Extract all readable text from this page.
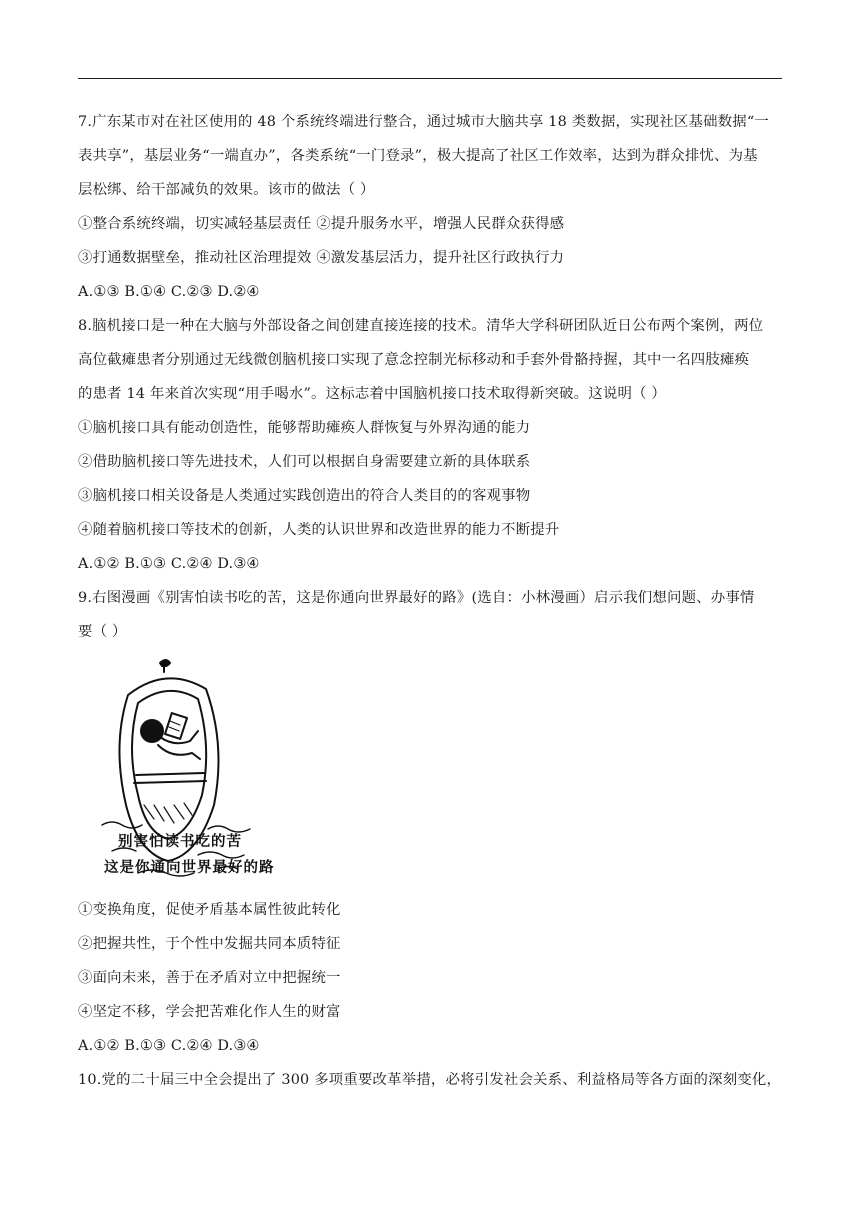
7.广东某市对在社区使用的 48 个系统终端进行整合，通过城市大脑共享 18 类数据，实现社区基础数据“一
表共享”，基层业务“一端直办”，各类系统“一门登录”，极大提高了社区工作效率，达到为群众排忧、为基
层松绑、给干部减负的效果。该市的做法（ ）
①整合系统终端，切实减轻基层责任 ②提升服务水平，增强人民群众获得感
③打通数据壁垒，推动社区治理提效 ④激发基层活力，提升社区行政执行力
A.①③ B.①④ C.②③ D.②④
8.脑机接口是一种在大脑与外部设备之间创建直接连接的技术。清华大学科研团队近日公布两个案例，两位
高位截瘫患者分别通过无线微创脑机接口实现了意念控制光标移动和手套外骨骼持握，其中一名四肢瘫痪
的患者 14 年来首次实现“用手喝水”。这标志着中国脑机接口技术取得新突破。这说明（ ）
①脑机接口具有能动创造性，能够帮助瘫痪人群恢复与外界沟通的能力
②借助脑机接口等先进技术，人们可以根据自身需要建立新的具体联系
③脑机接口相关设备是人类通过实践创造出的符合人类目的的客观事物
④随着脑机接口等技术的创新，人类的认识世界和改造世界的能力不断提升
A.①② B.①③ C.②④ D.③④
9.右图漫画《别害怕读书吃的苦，这是你通向世界最好的路》(选自：小林漫画）启示我们想问题、办事情
要（ ）
别害怕读书吃的苦
这是你通向世界最好的路
①变换角度，促使矛盾基本属性彼此转化
②把握共性，于个性中发掘共同本质特征
③面向未来，善于在矛盾对立中把握统一
④坚定不移，学会把苦难化作人生的财富
A.①② B.①③ C.②④ D.③④
10.党的二十届三中全会提出了 300 多项重要改革举措，必将引发社会关系、利益格局等各方面的深刻变化，
